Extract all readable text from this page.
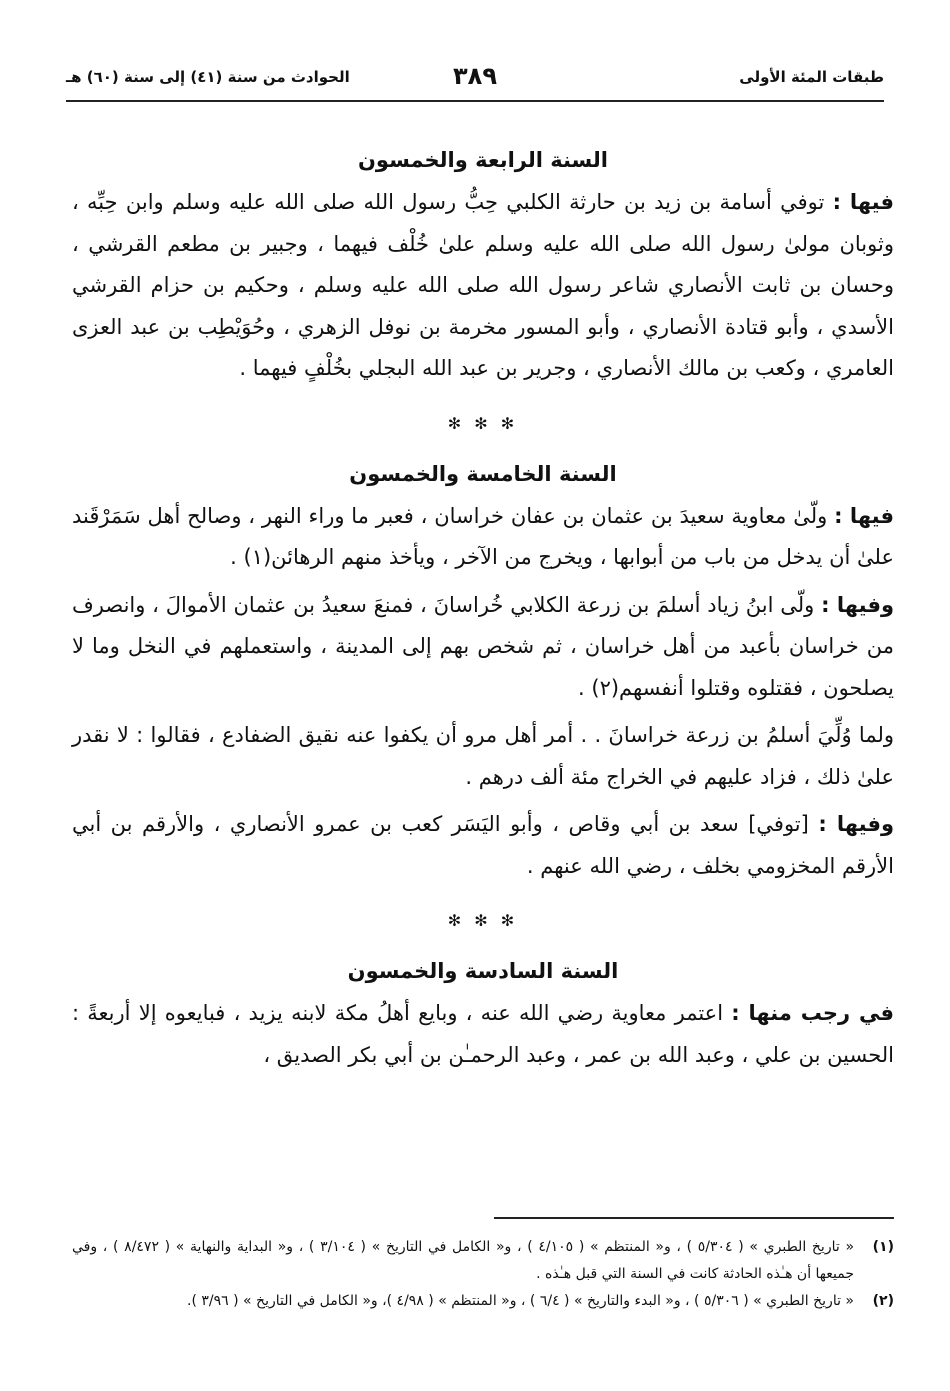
طبقات المئة الأولى
٣٨٩
الحوادث من سنة (٤١) إلى سنة (٦٠) هـ
السنة الرابعة والخمسون

فيها : توفي أسامة بن زيد بن حارثة الكلبي حِبُّ رسول الله صلى الله عليه وسلم وابن حِبِّه ، وثوبان مولىٰ رسول الله صلى الله عليه وسلم علىٰ خُلْف فيهما ، وجبير بن مطعم القرشي ، وحسان بن ثابت الأنصاري شاعر رسول الله صلى الله عليه وسلم ، وحكيم بن حزام القرشي الأسدي ، وأبو قتادة الأنصاري ، وأبو المسور مخرمة بن نوفل الزهري ، وحُوَيْطِب بن عبد العزى العامري ، وكعب بن مالك الأنصاري ، وجرير بن عبد الله البجلي بخُلْفٍ فيهما .

✻ ✻ ✻
السنة الخامسة والخمسون

فيها : ولّىٰ معاوية سعيدَ بن عثمان بن عفان خراسان ، فعبر ما وراء النهر ، وصالح أهل سَمَرْقَند علىٰ أن يدخل من باب من أبوابها ، ويخرج من الآخر ، ويأخذ منهم الرهائن(١) .

وفيها : ولّى ابنُ زياد أسلمَ بن زرعة الكلابي خُراسانَ ، فمنعَ سعيدُ بن عثمان الأموالَ ، وانصرف من خراسان بأعبد من أهل خراسان ، ثم شخص بهم إلى المدينة ، واستعملهم في النخل وما لا يصلحون ، فقتلوه وقتلوا أنفسهم(٢) .

ولما وُلِّيَ أسلمُ بن زرعة خراسانَ . . أمر أهل مرو أن يكفوا عنه نقيق الضفادع ، فقالوا : لا نقدر علىٰ ذلك ، فزاد عليهم في الخراج مئة ألف درهم .

وفيها : [توفي] سعد بن أبي وقاص ، وأبو اليَسَر كعب بن عمرو الأنصاري ، والأرقم بن أبي الأرقم المخزومي بخلف ، رضي الله عنهم .

✻ ✻ ✻
السنة السادسة والخمسون

في رجب منها : اعتمر معاوية رضي الله عنه ، وبايع أهلُ مكة لابنه يزيد ، فبايعوه إلا أربعةً : الحسين بن علي ، وعبد الله بن عمر ، وعبد الرحمـٰن بن أبي بكر الصديق ،

(١)
« تاريخ الطبري » ( ٥/٣٠٤ ) ، و« المنتظم » ( ٤/١٠٥ ) ، و« الكامل في التاريخ » ( ٣/١٠٤ ) ، و« البداية والنهاية » ( ٨/٤٧٢ ) ، وفي جميعها أن هـٰذه الحادثة كانت في السنة التي قبل هـٰذه .

(٢)
« تاريخ الطبري » ( ٥/٣٠٦ ) ، و« البدء والتاريخ » ( ٦/٤ ) ، و« المنتظم » ( ٤/٩٨ )، و« الكامل في التاريخ » ( ٣/٩٦ ).
